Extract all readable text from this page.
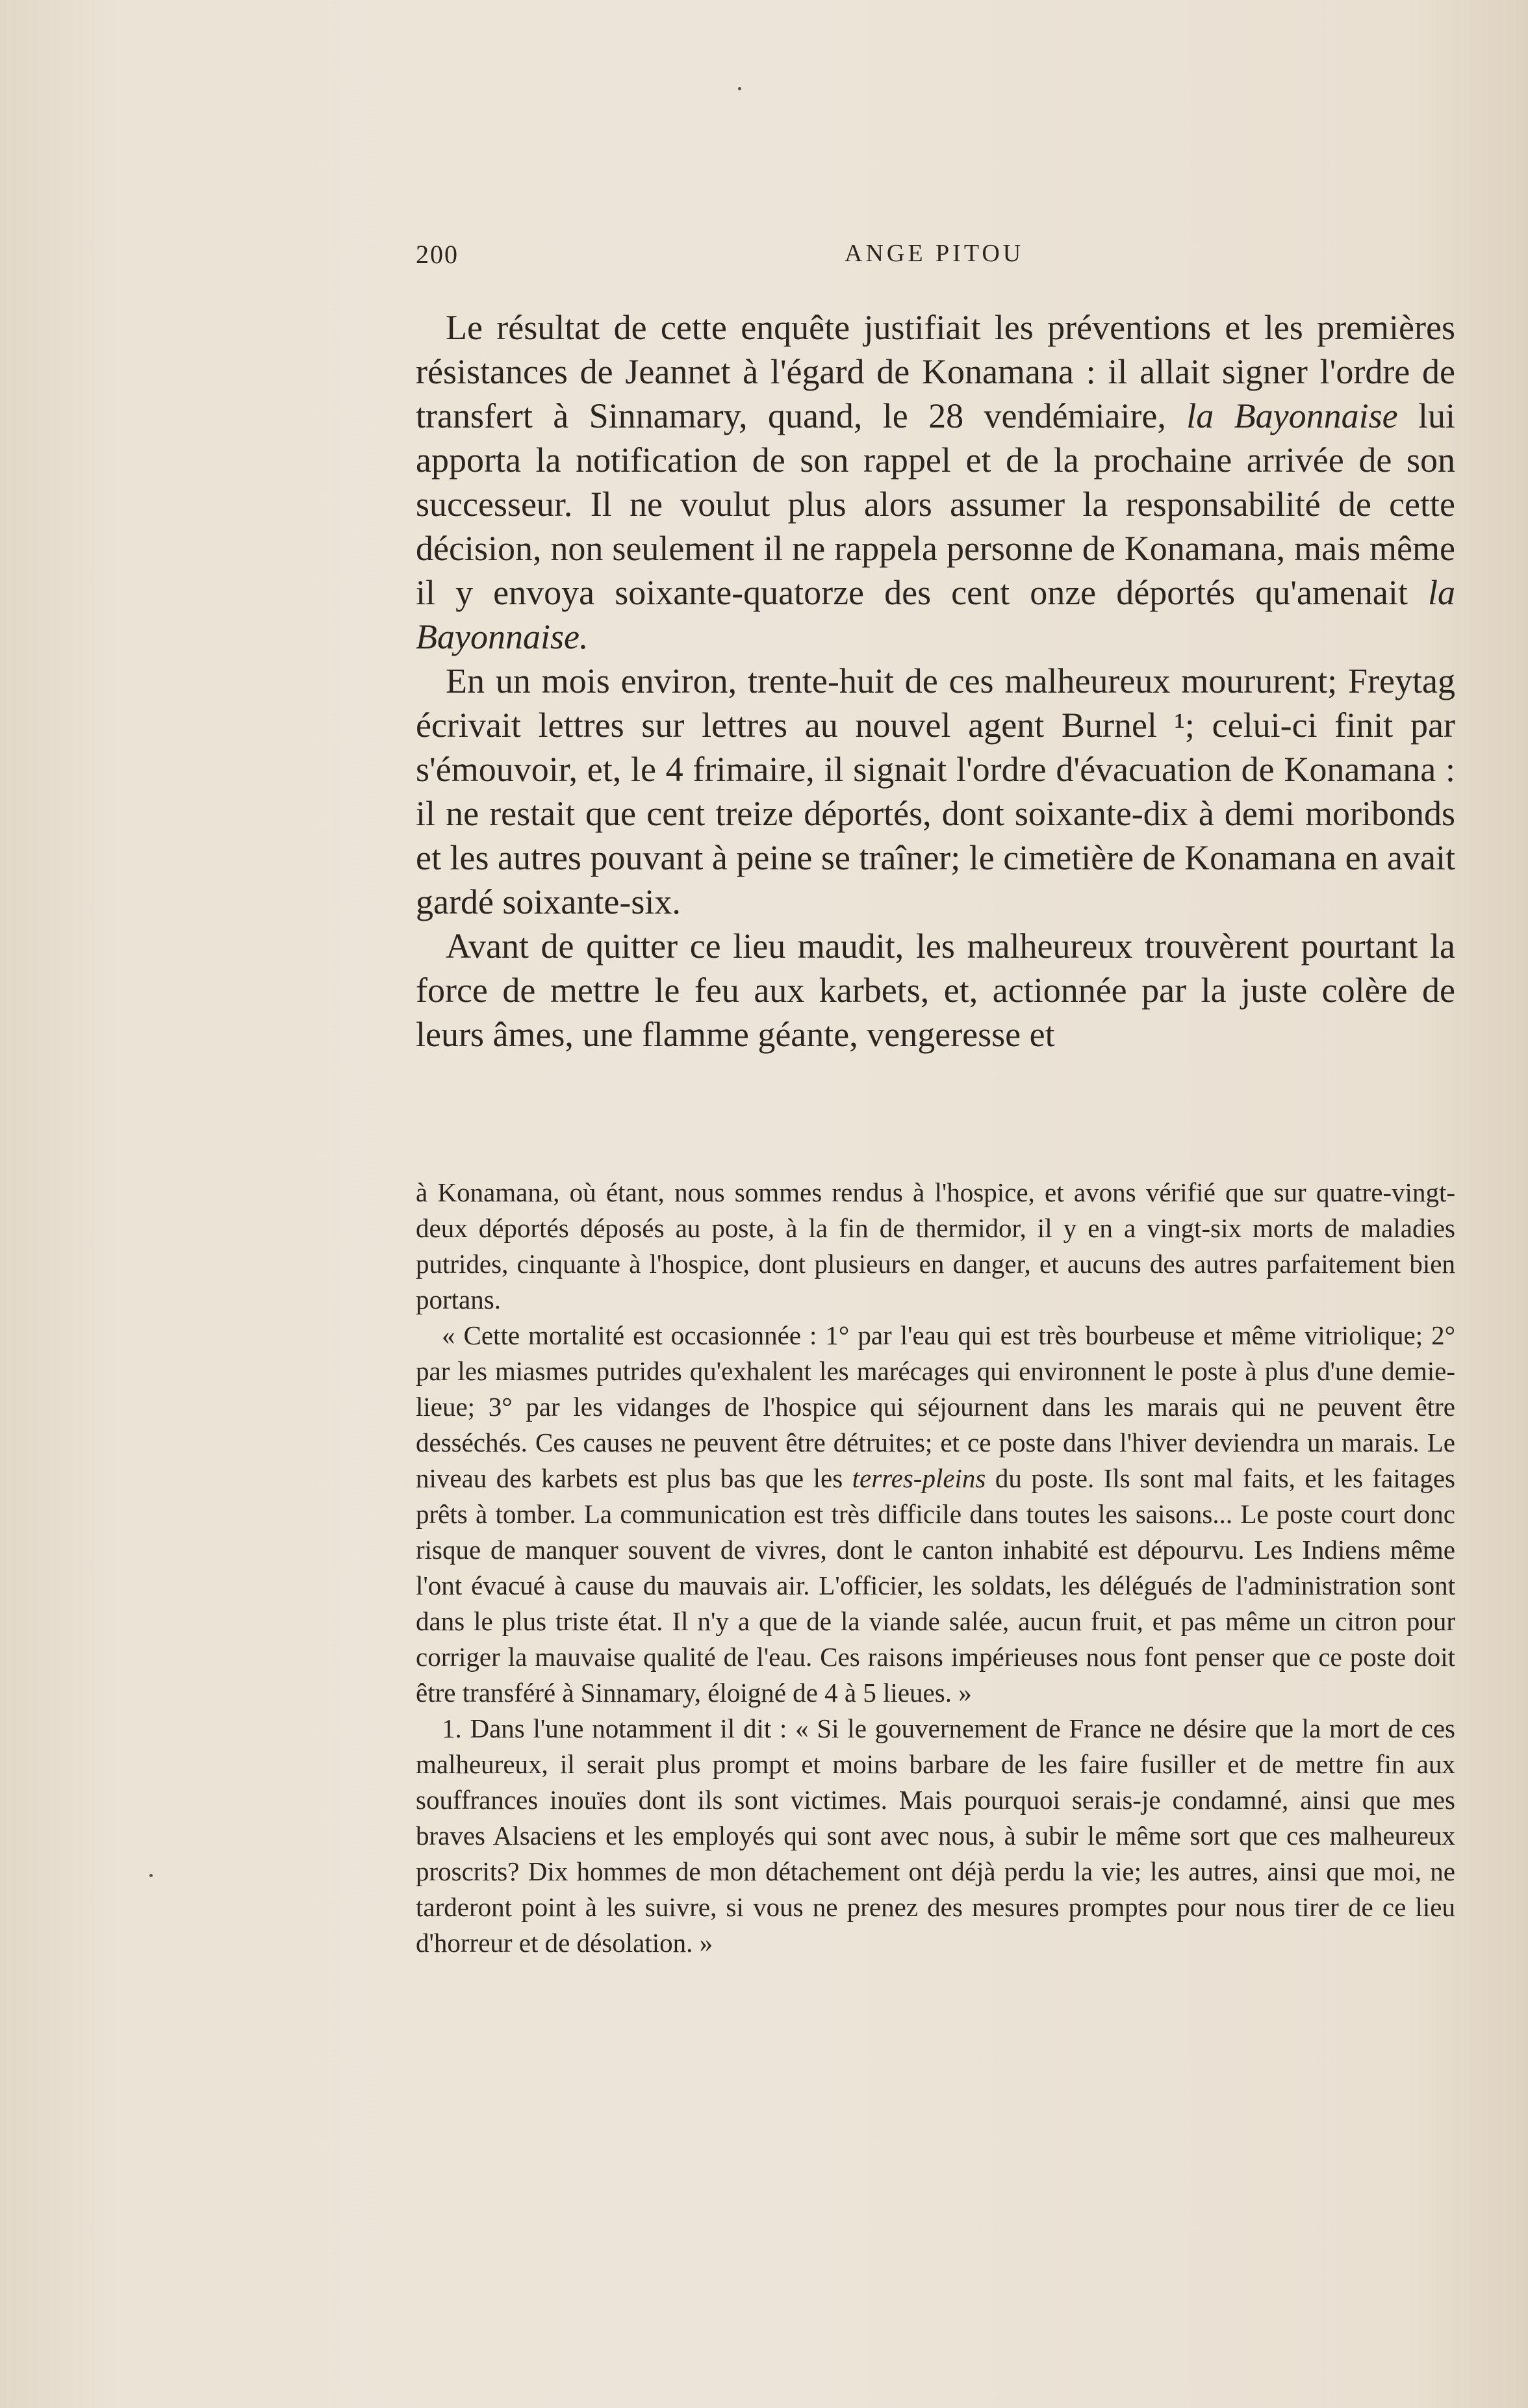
200	ANGE PITOU

Le résultat de cette enquête justifiait les préventions et les premières résistances de Jeannet à l'égard de Konamana : il allait signer l'ordre de transfert à Sinnamary, quand, le 28 vendémiaire, la Bayonnaise lui apporta la notification de son rappel et de la prochaine arrivée de son successeur. Il ne voulut plus alors assumer la responsabilité de cette décision, non seulement il ne rappela personne de Konamana, mais même il y envoya soixante-quatorze des cent onze déportés qu'amenait la Bayonnaise.

En un mois environ, trente-huit de ces malheureux moururent; Freytag écrivait lettres sur lettres au nouvel agent Burnel ¹; celui-ci finit par s'émouvoir, et, le 4 frimaire, il signait l'ordre d'évacuation de Konamana : il ne restait que cent treize déportés, dont soixante-dix à demi moribonds et les autres pouvant à peine se traîner; le cimetière de Konamana en avait gardé soixante-six.

Avant de quitter ce lieu maudit, les malheureux trouvèrent pourtant la force de mettre le feu aux karbets, et, actionnée par la juste colère de leurs âmes, une flamme géante, vengeresse et

à Konamana, où étant, nous sommes rendus à l'hospice, et avons vérifié que sur quatre-vingt-deux déportés déposés au poste, à la fin de thermidor, il y en a vingt-six morts de maladies putrides, cinquante à l'hospice, dont plusieurs en danger, et aucuns des autres parfaitement bien portans.

« Cette mortalité est occasionnée : 1° par l'eau qui est très bourbeuse et même vitriolique; 2° par les miasmes putrides qu'exhalent les marécages qui environnent le poste à plus d'une demie-lieue; 3° par les vidanges de l'hospice qui séjournent dans les marais qui ne peuvent être desséchés. Ces causes ne peuvent être détruites; et ce poste dans l'hiver deviendra un marais. Le niveau des karbets est plus bas que les terres-pleins du poste. Ils sont mal faits, et les faitages prêts à tomber. La communication est très difficile dans toutes les saisons... Le poste court donc risque de manquer souvent de vivres, dont le canton inhabité est dépourvu. Les Indiens même l'ont évacué à cause du mauvais air. L'officier, les soldats, les délégués de l'administration sont dans le plus triste état. Il n'y a que de la viande salée, aucun fruit, et pas même un citron pour corriger la mauvaise qualité de l'eau. Ces raisons impérieuses nous font penser que ce poste doit être transféré à Sinnamary, éloigné de 4 à 5 lieues. »

1. Dans l'une notamment il dit : « Si le gouvernement de France ne désire que la mort de ces malheureux, il serait plus prompt et moins barbare de les faire fusiller et de mettre fin aux souffrances inouïes dont ils sont victimes. Mais pourquoi serais-je condamné, ainsi que mes braves Alsaciens et les employés qui sont avec nous, à subir le même sort que ces malheureux proscrits? Dix hommes de mon détachement ont déjà perdu la vie; les autres, ainsi que moi, ne tarderont point à les suivre, si vous ne prenez des mesures promptes pour nous tirer de ce lieu d'horreur et de désolation. »
